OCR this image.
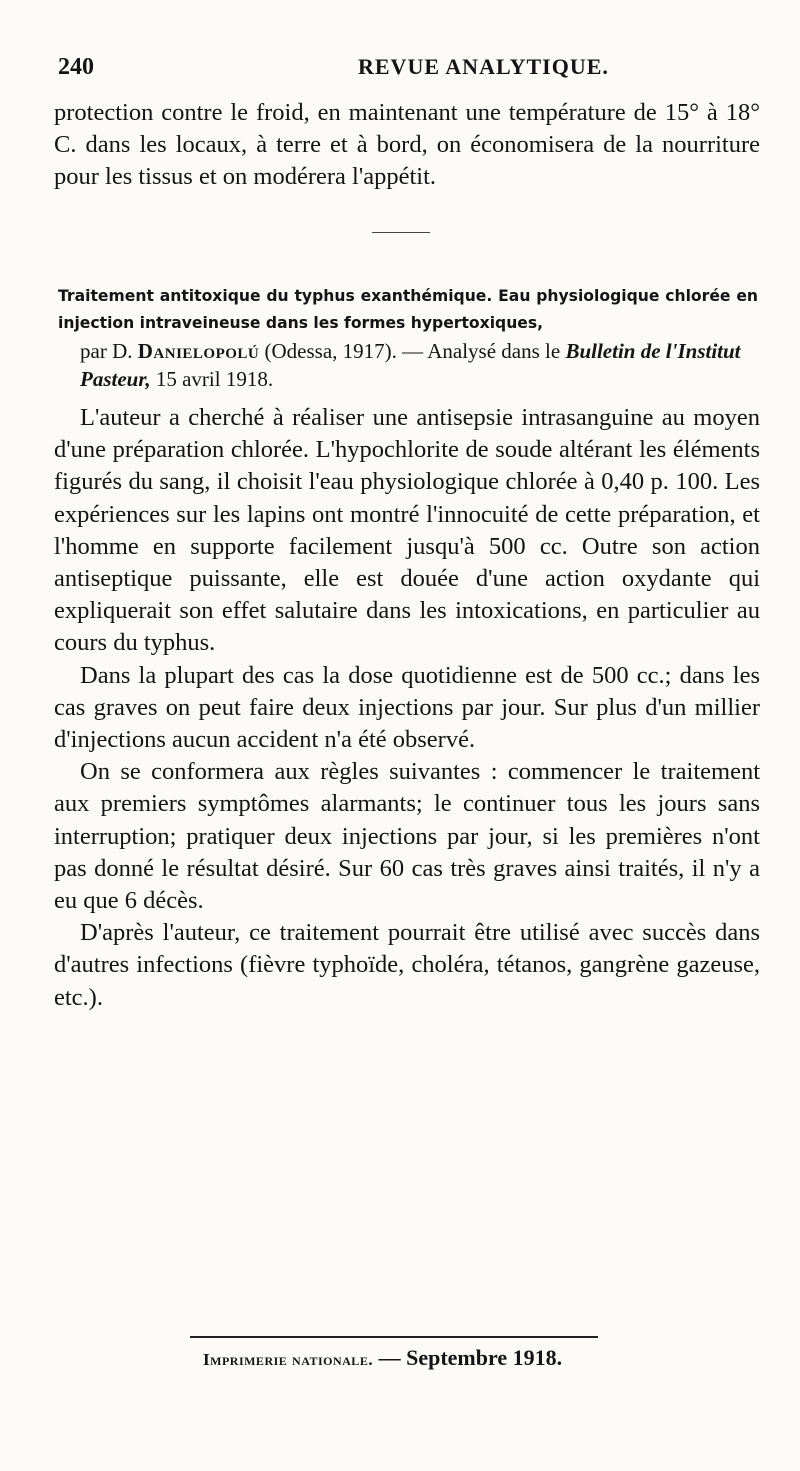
240	REVUE ANALYTIQUE.

protection contre le froid, en maintenant une température de 15° à 18° C. dans les locaux, à terre et à bord, on économisera de la nourriture pour les tissus et on modérera l'appétit.

Traitement antitoxique du typhus exanthémique. Eau physiologique chlorée en injection intraveineuse dans les formes hypertoxiques,
par D. Danielopolú (Odessa, 1917). — Analysé dans le Bulletin de l'Institut Pasteur, 15 avril 1918.

L'auteur a cherché à réaliser une antisepsie intrasanguine au moyen d'une préparation chlorée. L'hypochlorite de soude altérant les éléments figurés du sang, il choisit l'eau physiologique chlorée à 0,40 p. 100. Les expériences sur les lapins ont montré l'innocuité de cette préparation, et l'homme en supporte facilement jusqu'à 500 cc. Outre son action antiseptique puissante, elle est douée d'une action oxydante qui expliquerait son effet salutaire dans les intoxications, en particulier au cours du typhus.

Dans la plupart des cas la dose quotidienne est de 500 cc.; dans les cas graves on peut faire deux injections par jour. Sur plus d'un millier d'injections aucun accident n'a été observé.

On se conformera aux règles suivantes : commencer le traitement aux premiers symptômes alarmants; le continuer tous les jours sans interruption; pratiquer deux injections par jour, si les premières n'ont pas donné le résultat désiré. Sur 60 cas très graves ainsi traités, il n'y a eu que 6 décès.

D'après l'auteur, ce traitement pourrait être utilisé avec succès dans d'autres infections (fièvre typhoïde, choléra, tétanos, gangrène gazeuse, etc.).

Imprimerie nationale. — Septembre 1918.
